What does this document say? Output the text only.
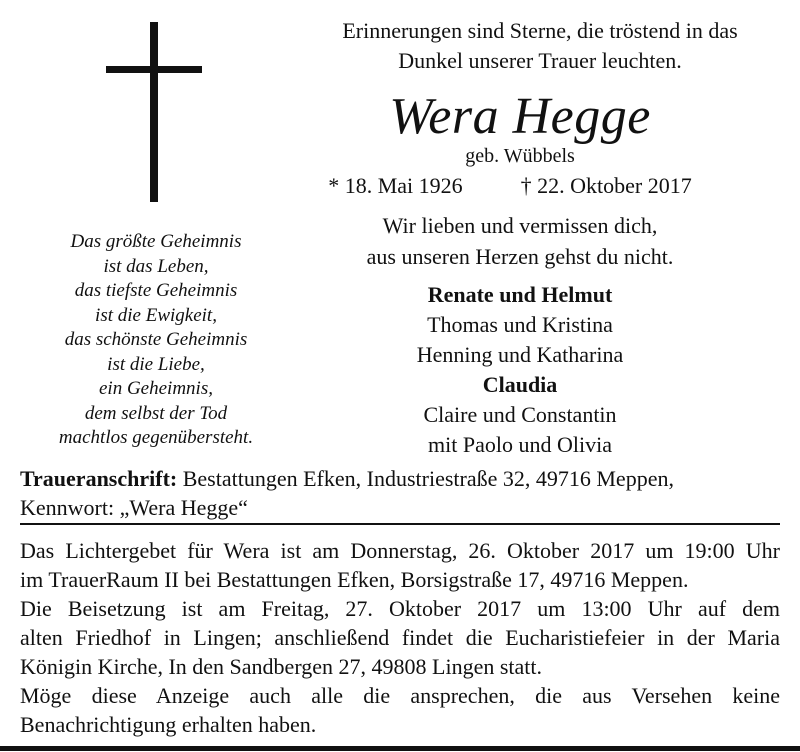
Das größte Geheimnis
ist das Leben,
das tiefste Geheimnis
ist die Ewigkeit,
das schönste Geheimnis
ist die Liebe,
ein Geheimnis,
dem selbst der Tod
machtlos gegenübersteht.
Erinnerungen sind Sterne, die tröstend in das
Dunkel unserer Trauer leuchten.
Wera Hegge
geb. Wübbels
* 18. Mai 1926	† 22. Oktober 2017
Wir lieben und vermissen dich,
aus unseren Herzen gehst du nicht.
Renate und Helmut
Thomas und Kristina
Henning und Katharina
Claudia
Claire und Constantin
mit Paolo und Olivia
Traueranschrift: Bestattungen Efken, Industriestraße 32, 49716 Meppen,
Kennwort: „Wera Hegge“
Das Lichtergebet für Wera ist am Donnerstag, 26. Oktober 2017 um 19:00 Uhr
im TrauerRaum II bei Bestattungen Efken, Borsigstraße 17, 49716 Meppen.
Die Beisetzung ist am Freitag, 27. Oktober 2017 um 13:00 Uhr auf dem
alten Friedhof in Lingen; anschließend findet die Eucharistiefeier in der Maria
Königin Kirche, In den Sandbergen 27, 49808 Lingen statt.
Möge diese Anzeige auch alle die ansprechen, die aus Versehen keine
Benachrichtigung erhalten haben.
